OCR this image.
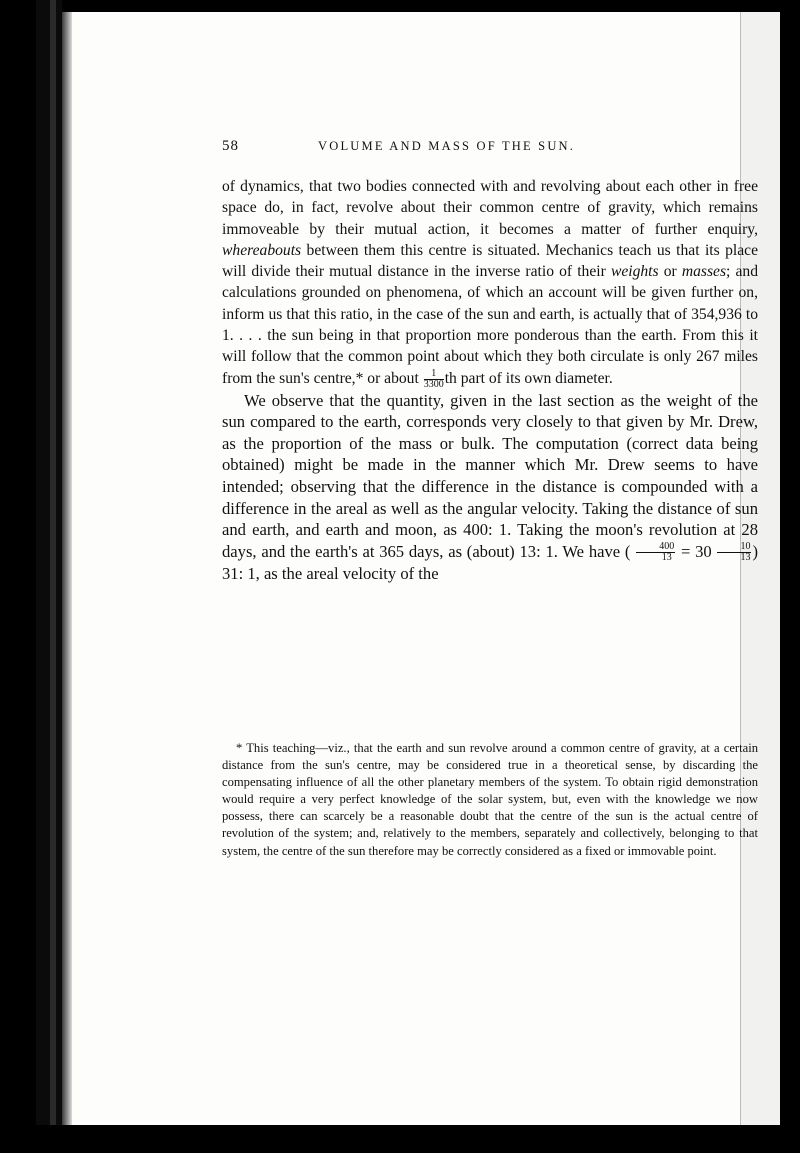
58	VOLUME AND MASS OF THE SUN.

of dynamics, that two bodies connected with and revolving about each other in free space do, in fact, revolve about their common centre of gravity, which remains immoveable by their mutual action, it becomes a matter of further enquiry, whereabouts between them this centre is situated. Mechanics teach us that its place will divide their mutual distance in the inverse ratio of their weights or masses; and calculations grounded on phenomena, of which an account will be given further on, inform us that this ratio, in the case of the sun and earth, is actually that of 354,936 to 1. . . . the sun being in that proportion more ponderous than the earth. From this it will follow that the common point about which they both circulate is only 267 miles from the sun's centre,* or about $\frac{1}{3300}$ th part of its own diameter.

We observe that the quantity, given in the last section as the weight of the sun compared to the earth, corresponds very closely to that given by Mr. Drew, as the proportion of the mass or bulk. The computation (correct data being obtained) might be made in the manner which Mr. Drew seems to have intended; observing that the difference in the distance is compounded with a difference in the areal as well as the angular velocity. Taking the distance of sun and earth, and earth and moon, as 400: 1. Taking the moon's revolution at 28 days, and the earth's at 365 days, as (about) 13: 1. We have ( $\frac{400}{13} = 30 \frac{10}{13}$ ) 31: 1, as the areal velocity of the

* This teaching—viz., that the earth and sun revolve around a common centre of gravity, at a certain distance from the sun's centre, may be considered true in a theoretical sense, by discarding the compensating influence of all the other planetary members of the system. To obtain rigid demonstration would require a very perfect knowledge of the solar system, but, even with the knowledge we now possess, there can scarcely be a reasonable doubt that the centre of the sun is the actual centre of revolution of the system; and, relatively to the members, separately and collectively, belonging to that system, the centre of the sun therefore may be correctly considered as a fixed or immovable point.
